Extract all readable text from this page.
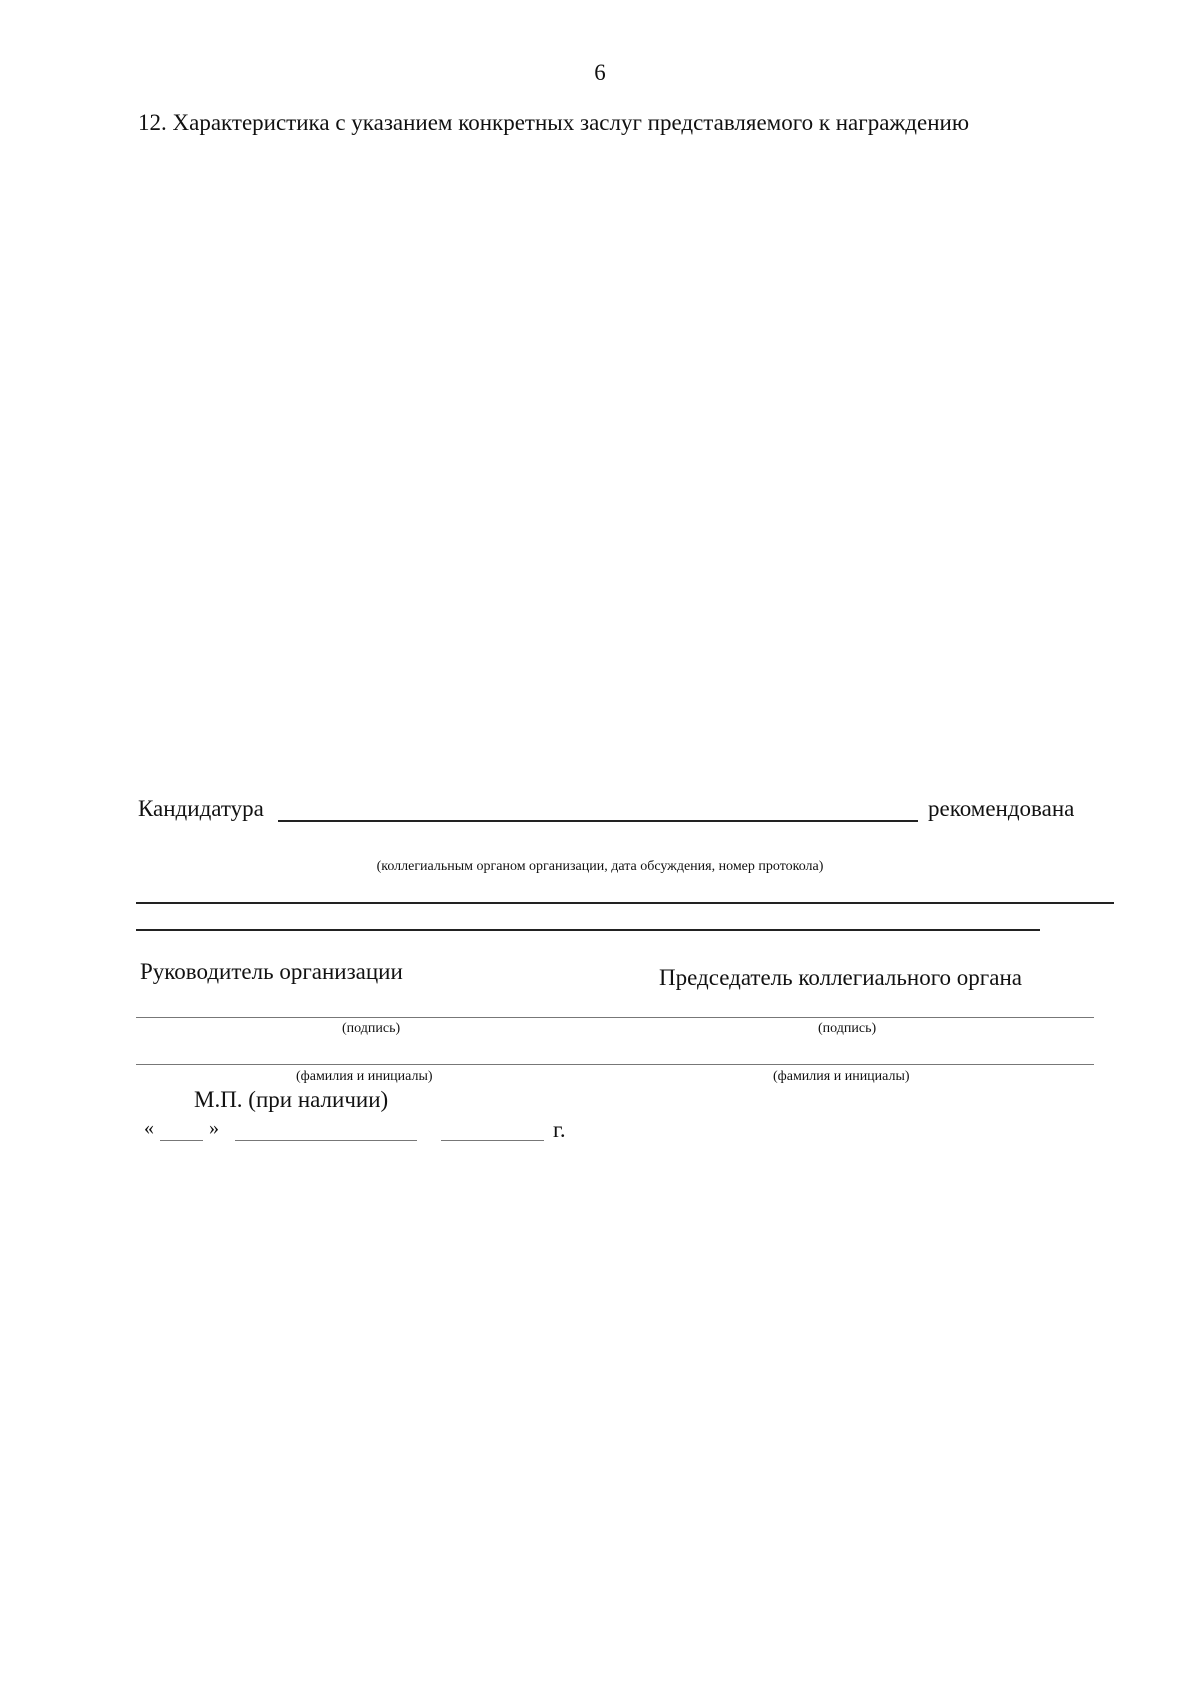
6
12. Характеристика с указанием конкретных заслуг представляемого к награждению
Кандидатура	рекомендована
(коллегиальным органом организации, дата обсуждения, номер протокола)
Руководитель организации	Председатель коллегиального органа
(подпись)	(подпись)
(фамилия и инициалы)	(фамилия и инициалы)
М.П. (при наличии)
«	»	г.
